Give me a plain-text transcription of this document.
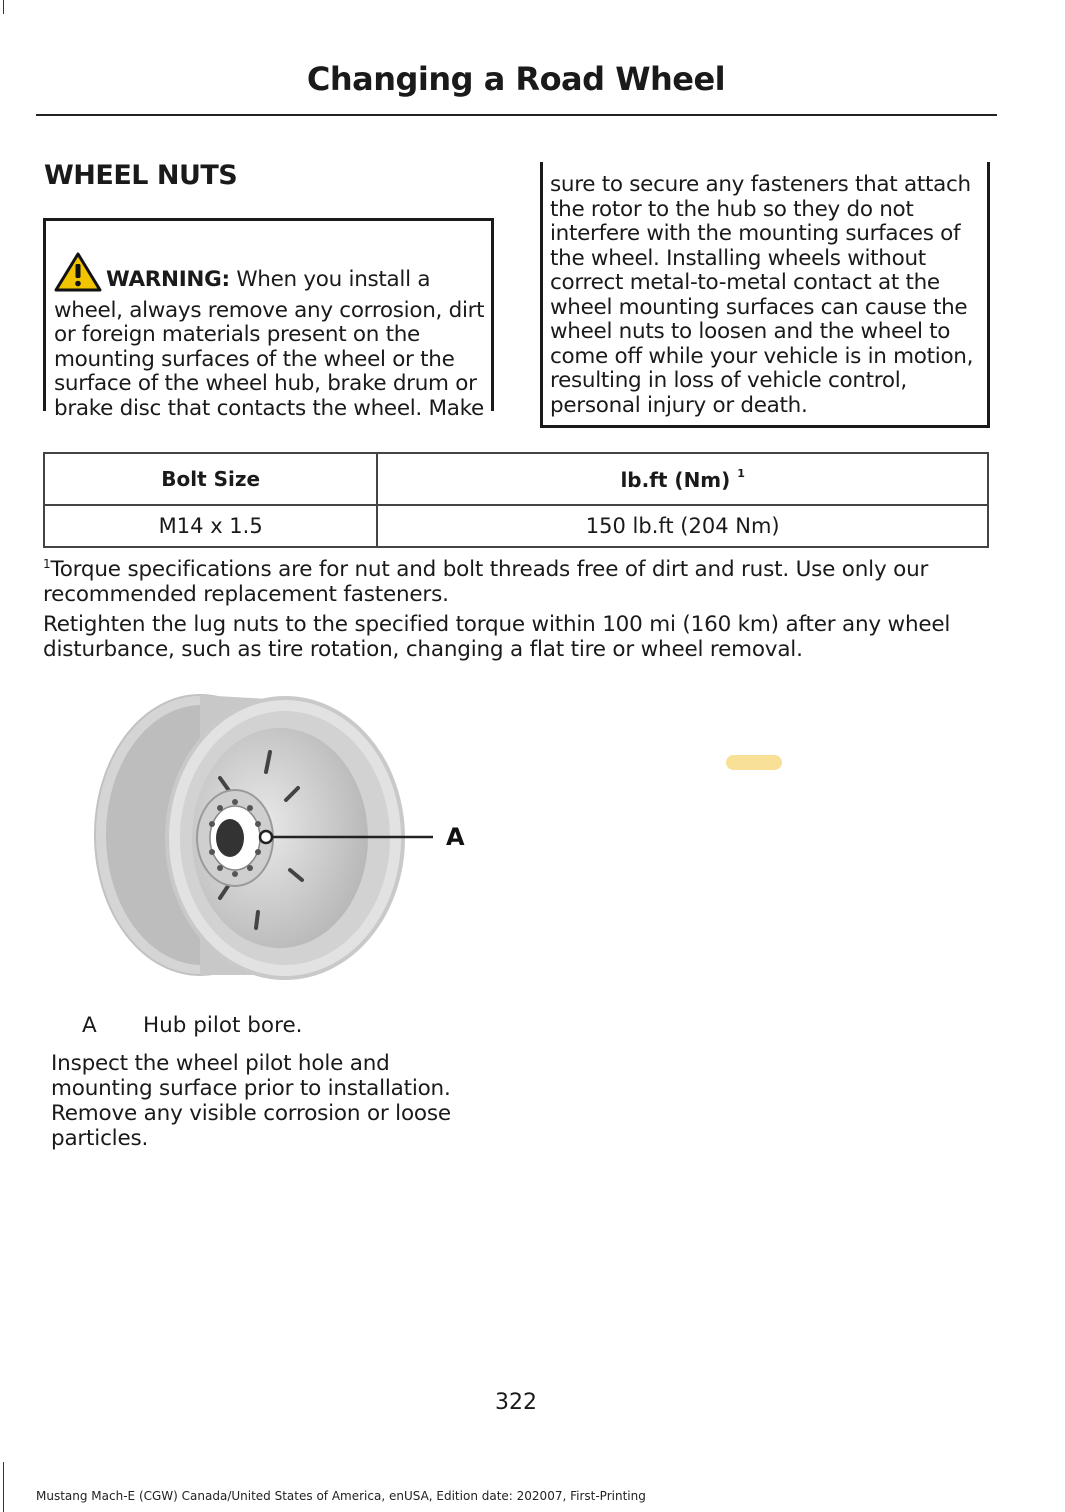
Changing a Road Wheel
WHEEL NUTS
WARNING: When you install a wheel, always remove any corrosion, dirt or foreign materials present on the mounting surfaces of the wheel or the surface of the wheel hub, brake drum or brake disc that contacts the wheel. Make
sure to secure any fasteners that attach the rotor to the hub so they do not interfere with the mounting surfaces of the wheel. Installing wheels without correct metal-to-metal contact at the wheel mounting surfaces can cause the wheel nuts to loosen and the wheel to come off while your vehicle is in motion, resulting in loss of vehicle control, personal injury or death.
Bolt Size	lb.ft (Nm) $^1$
M14 x 1.5	150 lb.ft (204 Nm)
$^1$Torque specifications are for nut and bolt threads free of dirt and rust. Use only our recommended replacement fasteners.
Retighten the lug nuts to the specified torque within 100 mi (160 km) after any wheel disturbance, such as tire rotation, changing a flat tire or wheel removal.
A
A Hub pilot bore.
Inspect the wheel pilot hole and mounting surface prior to installation. Remove any visible corrosion or loose particles.
322
Mustang Mach-E (CGW) Canada/United States of America, enUSA, Edition date: 202007, First-Printing
